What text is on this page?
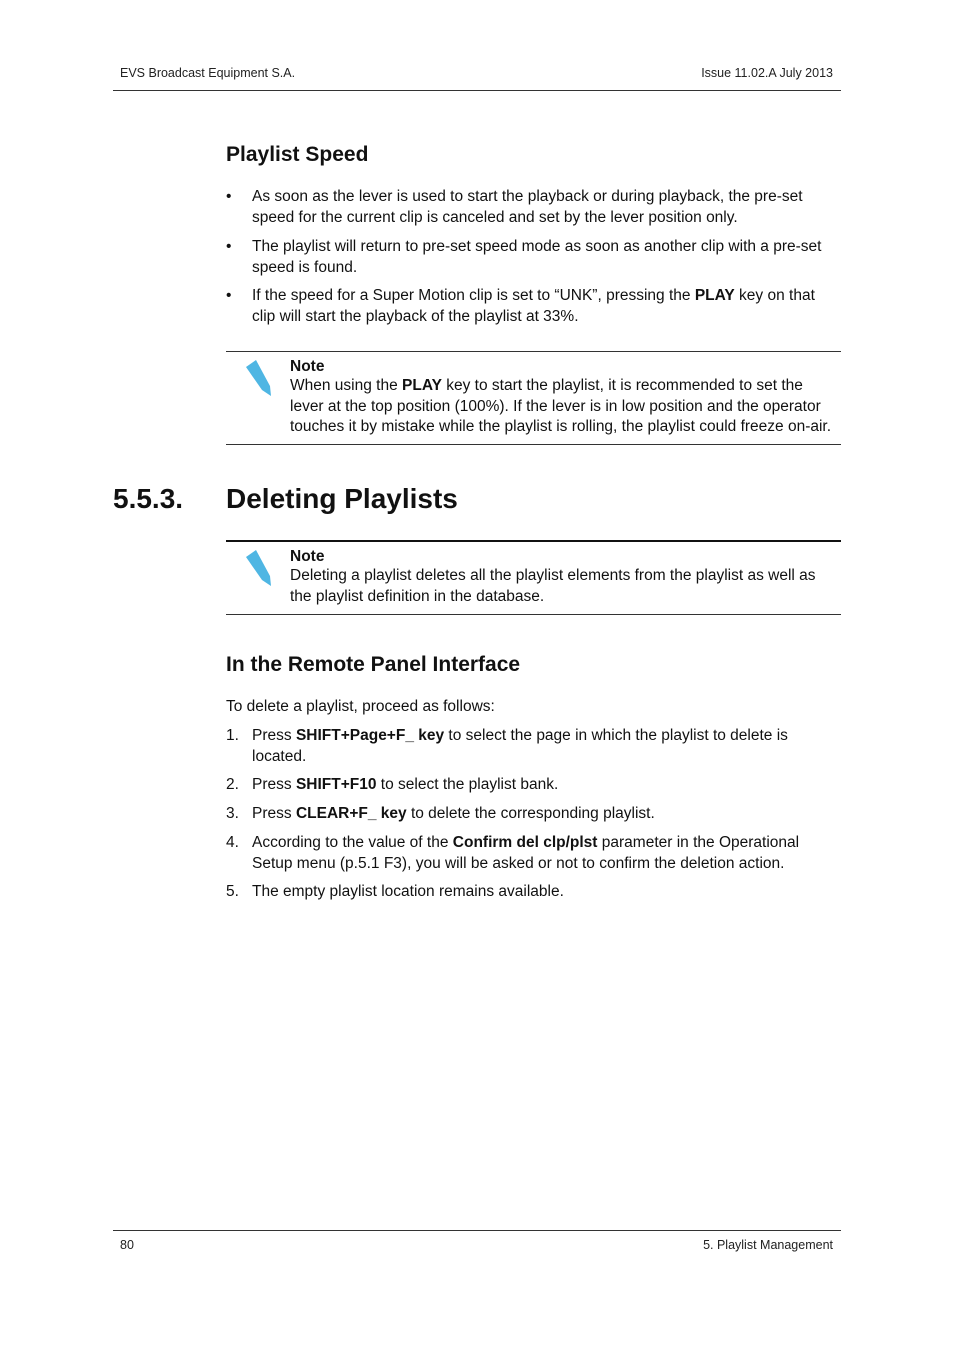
EVS Broadcast Equipment S.A.	Issue 11.02.A July 2013
Playlist Speed
•	As soon as the lever is used to start the playback or during playback, the pre-set speed for the current clip is canceled and set by the lever position only.
•	The playlist will return to pre-set speed mode as soon as another clip with a pre-set speed is found.
•	If the speed for a Super Motion clip is set to “UNK”, pressing the PLAY key on that clip will start the playback of the playlist at 33%.
Note
When using the PLAY key to start the playlist, it is recommended to set the lever at the top position (100%). If the lever is in low position and the operator touches it by mistake while the playlist is rolling, the playlist could freeze on-air.
5.5.3. Deleting Playlists
Note
Deleting a playlist deletes all the playlist elements from the playlist as well as the playlist definition in the database.
In the Remote Panel Interface
To delete a playlist, proceed as follows:
1. Press SHIFT+Page+F_ key to select the page in which the playlist to delete is located.
2. Press SHIFT+F10 to select the playlist bank.
3. Press CLEAR+F_ key to delete the corresponding playlist.
4. According to the value of the Confirm del clp/plst parameter in the Operational Setup menu (p.5.1 F3), you will be asked or not to confirm the deletion action.
5. The empty playlist location remains available.
80	5. Playlist Management
